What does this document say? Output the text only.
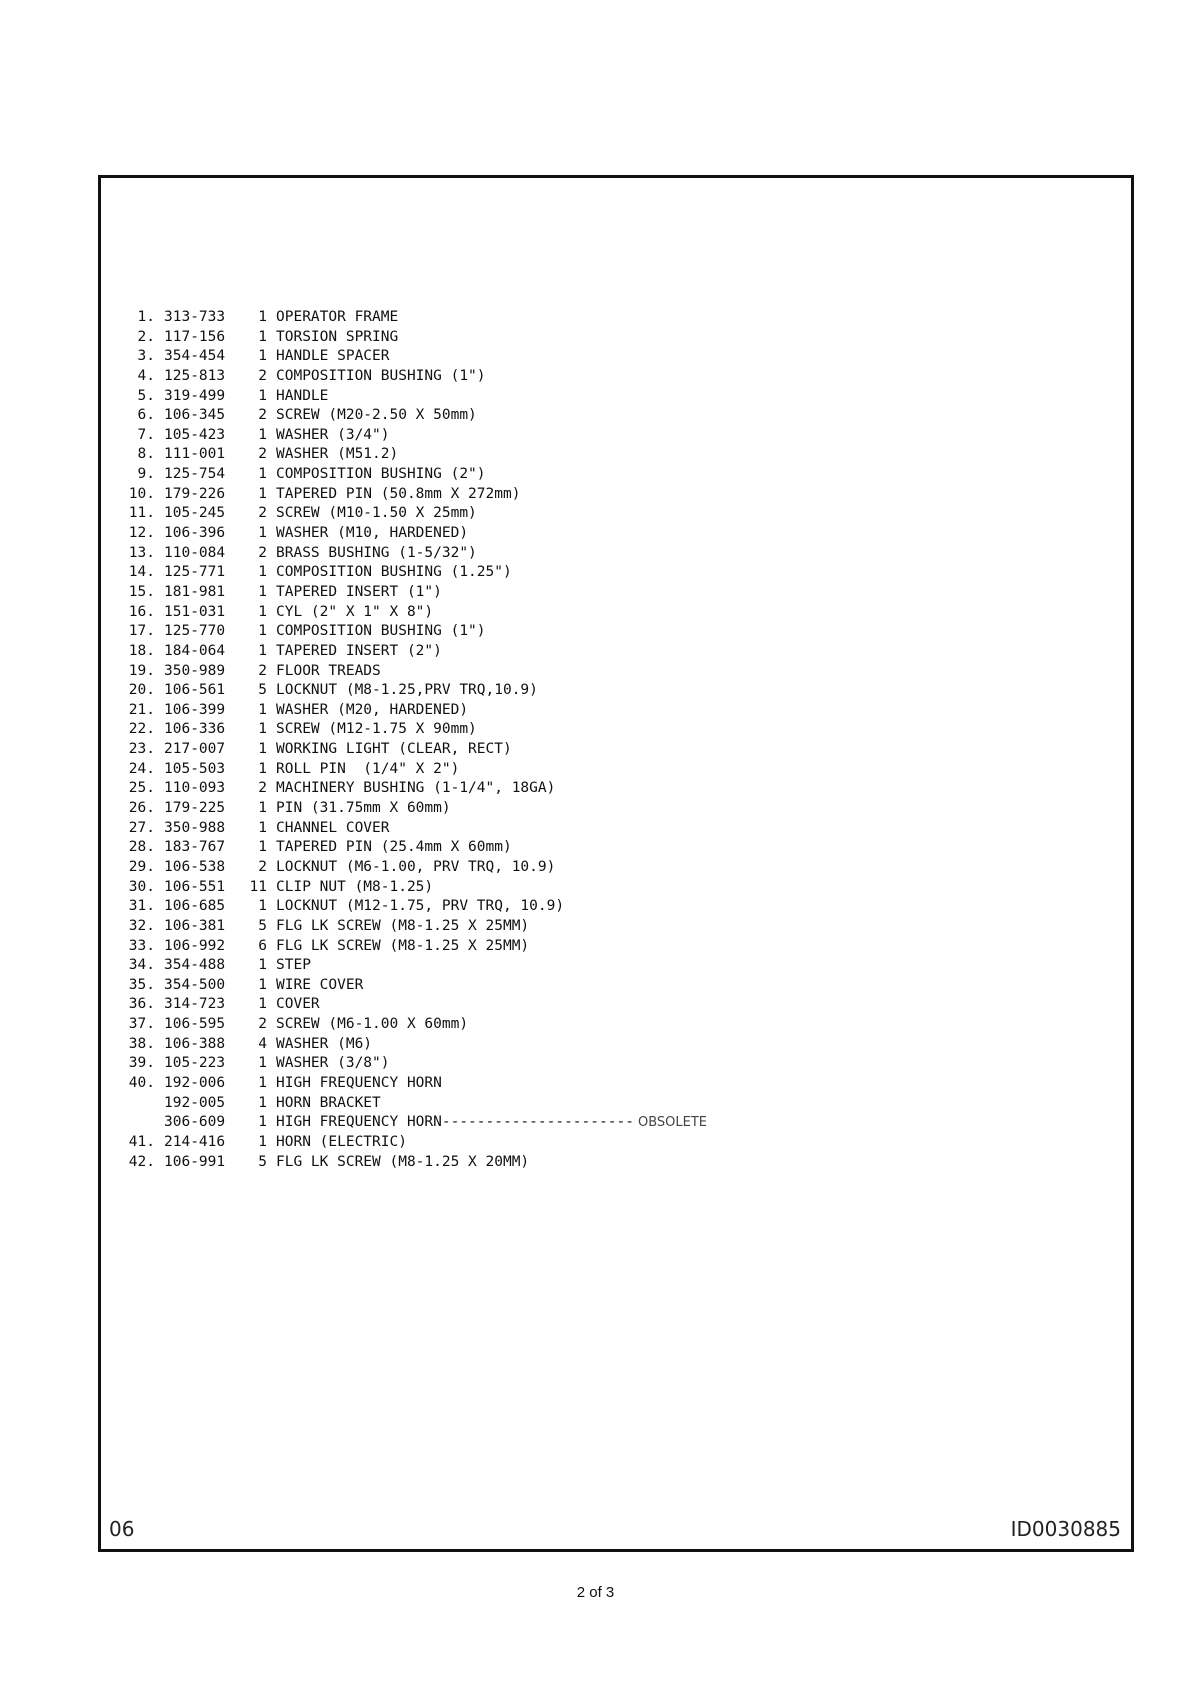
1. 313-733	1 OPERATOR FRAME
2. 117-156	1 TORSION SPRING
3. 354-454	1 HANDLE SPACER
4. 125-813	2 COMPOSITION BUSHING (1")
5. 319-499	1 HANDLE
6. 106-345	2 SCREW (M20-2.50 X 50mm)
7. 105-423	1 WASHER (3/4")
8. 111-001	2 WASHER (M51.2)
9. 125-754	1 COMPOSITION BUSHING (2")
10. 179-226	1 TAPERED PIN (50.8mm X 272mm)
11. 105-245	2 SCREW (M10-1.50 X 25mm)
12. 106-396	1 WASHER (M10, HARDENED)
13. 110-084	2 BRASS BUSHING (1-5/32")
14. 125-771	1 COMPOSITION BUSHING (1.25")
15. 181-981	1 TAPERED INSERT (1")
16. 151-031	1 CYL (2" X 1" X 8")
17. 125-770	1 COMPOSITION BUSHING (1")
18. 184-064	1 TAPERED INSERT (2")
19. 350-989	2 FLOOR TREADS
20. 106-561	5 LOCKNUT (M8-1.25,PRV TRQ,10.9)
21. 106-399	1 WASHER (M20, HARDENED)
22. 106-336	1 SCREW (M12-1.75 X 90mm)
23. 217-007	1 WORKING LIGHT (CLEAR, RECT)
24. 105-503	1 ROLL PIN  (1/4" X 2")
25. 110-093	2 MACHINERY BUSHING (1-1/4", 18GA)
26. 179-225	1 PIN (31.75mm X 60mm)
27. 350-988	1 CHANNEL COVER
28. 183-767	1 TAPERED PIN (25.4mm X 60mm)
29. 106-538	2 LOCKNUT (M6-1.00, PRV TRQ, 10.9)
30. 106-551	11 CLIP NUT (M8-1.25)
31. 106-685	1 LOCKNUT (M12-1.75, PRV TRQ, 10.9)
32. 106-381	5 FLG LK SCREW (M8-1.25 X 25MM)
33. 106-992	6 FLG LK SCREW (M8-1.25 X 25MM)
34. 354-488	1 STEP
35. 354-500	1 WIRE COVER
36. 314-723	1 COVER
37. 106-595	2 SCREW (M6-1.00 X 60mm)
38. 106-388	4 WASHER (M6)
39. 105-223	1 WASHER (3/8")
40. 192-006	1 HIGH FREQUENCY HORN
192-005	1 HORN BRACKET
306-609	1 HIGH FREQUENCY HORN---------------------- OBSOLETE
41. 214-416	1 HORN (ELECTRIC)
42. 106-991	5 FLG LK SCREW (M8-1.25 X 20MM)
06	ID0030885
2 of 3
